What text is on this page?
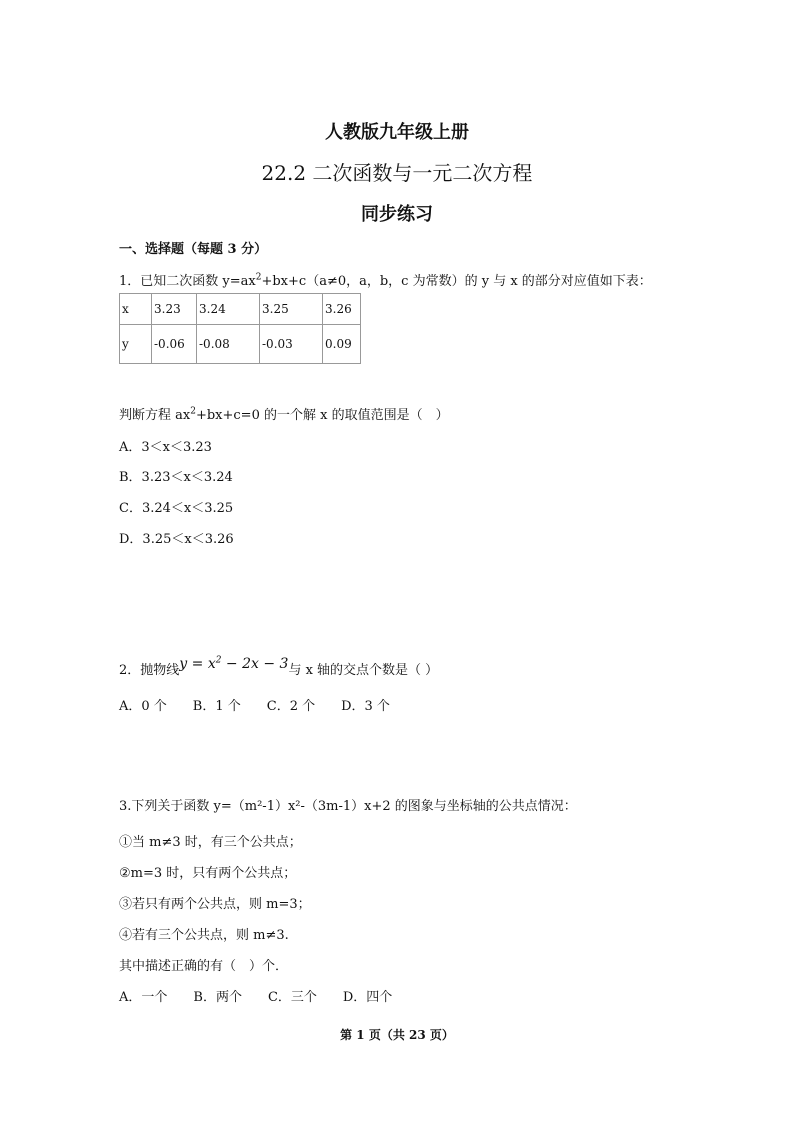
人教版九年级上册
22.2 二次函数与一元二次方程
同步练习
一、选择题（每题 3 分）
1．已知二次函数 $y=ax^2+bx+c(a\ne 0$，a，b，c 为常数）的 y 与 x 的部分对应值如下表：
x	3.23	3.24	3.25	3.26
y	-0.06	-0.08	-0.03	0.09
判断方程 $ax^2+bx+c=0$ 的一个解 x 的取值范围是（　）
A．3＜x＜3.23
B．3.23＜x＜3.24
C．3.24＜x＜3.25
D．3.25＜x＜3.26
2．抛物线$y = x^2 - 2x - 3$与 x 轴的交点个数是（ ）
A．0 个　　B．1 个　　C．2 个　　D．3 个
3.下列关于函数 y=（m²-1）x²-（3m-1）x+2 的图象与坐标轴的公共点情况：
①当 m≠3 时，有三个公共点；
②m=3 时，只有两个公共点；
③若只有两个公共点，则 m=3；
④若有三个公共点，则 m≠3.
其中描述正确的有（　）个．
A．一个　　B．两个　　C．三个　　D．四个
第 1 页（共 23 页）
